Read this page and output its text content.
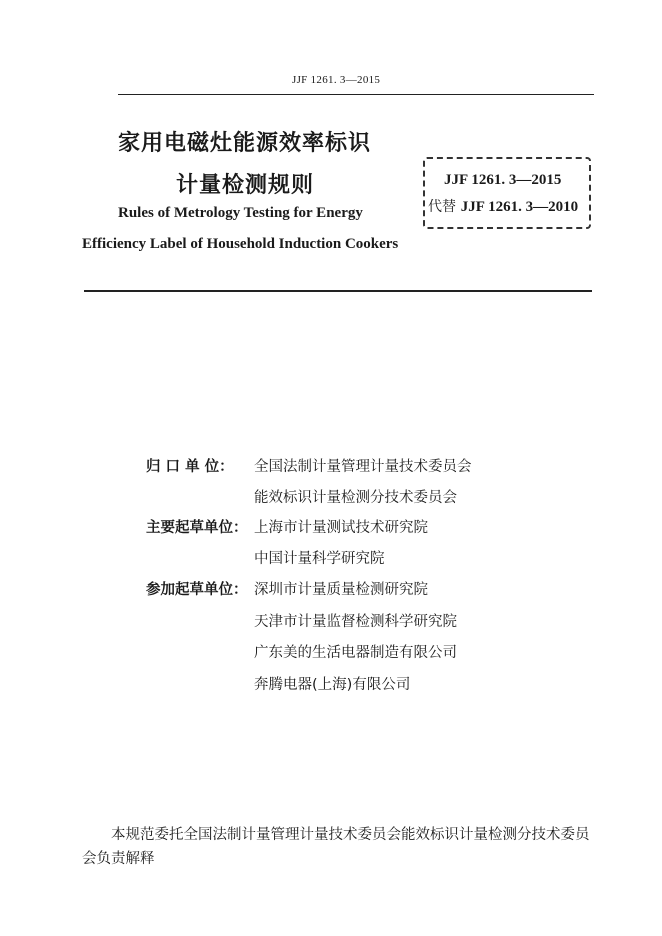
JJF 1261. 3—2015
家用电磁灶能源效率标识
计量检测规则
Rules of Metrology Testing for Energy
Efficiency Label of Household Induction Cookers
JJF 1261. 3—2015
代替 JJF 1261. 3—2010
归 口 单 位： 全国法制计量管理计量技术委员会
能效标识计量检测分技术委员会
主要起草单位： 上海市计量测试技术研究院
中国计量科学研究院
参加起草单位： 深圳市计量质量检测研究院
天津市计量监督检测科学研究院
广东美的生活电器制造有限公司
奔腾电器(上海)有限公司
本规范委托全国法制计量管理计量技术委员会能效标识计量检测分技术委员会负责解释
